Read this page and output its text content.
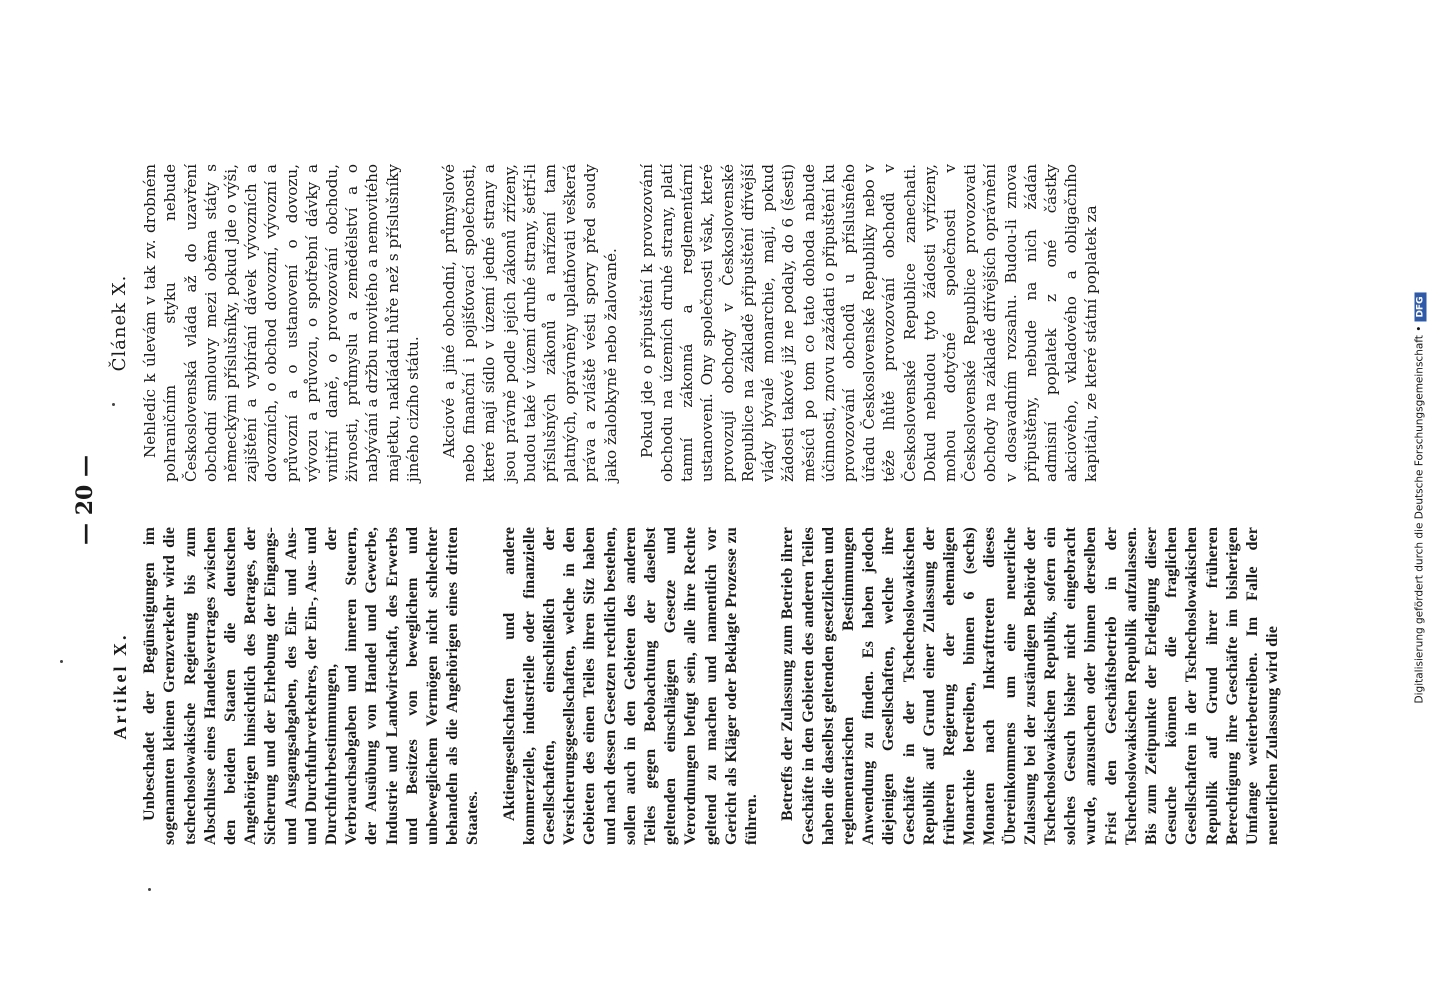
— 20 —
Artikel X. Unbeschadet der Begünstigungen im sogenannten kleinen Grenzverkehr wird die tschechoslowakische Regierung bis zum Abschlusse eines Handelsvertrages zwischen den beiden Staaten die deutschen Angehörigen hinsichtlich des Betrages, der Sicherung und der Erhebung der Eingangs- und Ausgangsabgaben, des Ein- und Aus- und Durchfuhrverkehres, der Ein-, Aus- und Durchfuhrbestimmungen, der Verbrauchsabgaben und inneren Steuern, der Ausübung von Handel und Gewerbe, Industrie und Landwirtschaft, des Erwerbs und Besitzes von beweglichem und unbeweglichem Vermögen nicht schlechter behandeln als die Angehörigen eines dritten Staates. Aktiengesellschaften und andere kommerzielle, industrielle oder finanzielle Gesellschaften, einschließlich der Versicherungsgesellschaften, welche in den Gebieten des einen Teiles ihren Sitz haben und nach dessen Gesetzen rechtlich bestehen, sollen auch in den Gebieten des anderen Teiles gegen Beobachtung der daselbst geltenden einschlägigen Gesetze und Verordnungen befugt sein, alle ihre Rechte geltend zu machen und namentlich vor Gericht als Kläger oder Beklagte Prozesse zu führen. Betreffs der Zulassung zum Betrieb ihrer Geschäfte in den Gebieten des anderen Teiles haben die daselbst geltenden gesetzlichen und reglementarischen Bestimmungen Anwendung zu finden. Es haben jedoch diejenigen Gesellschaften, welche ihre Geschäfte in der Tschechoslowakischen Republik auf Grund einer Zulassung der früheren Regierung der ehemaligen Monarchie betreiben, binnen 6 (sechs) Monaten nach Inkrafttreten dieses Übereinkommens um eine neuerliche Zulassung bei der zuständigen Behörde der Tschechoslowakischen Republik, sofern ein solches Gesuch bisher nicht eingebracht wurde, anzusuchen oder binnen derselben Frist den Geschäftsbetrieb in der Tschechoslowakischen Republik aufzulassen. Bis zum Zeitpunkte der Erledigung dieser Gesuche können die fraglichen Gesellschaften in der Tschechoslowakischen Republik auf Grund ihrer früheren Berechtigung ihre Geschäfte im bisherigen Umfange weiterbetreiben. Im Falle der neuerlichen Zulassung wird die

Článek X. Nehledíc k úlevám v tak zv. drobném pohraničním styku nebude Československá vláda až do uzavření obchodní smlouvy mezi oběma státy s německými příslušníky, pokud jde o výši, zajištění a vybírání dávek vývozních a dovozních, o obchod dovozní, vývozní a průvozní a o ustanovení o dovozu, vývozu a průvozu, o spotřební dávky a vnitřní daně, o provozování obchodu, živnosti, průmyslu a zemědělství a o nabývání a držbu movitého a nemovitého majetku, nakládati hůře než s příslušníky jiného cizího státu. Akciové a jiné obchodní, průmyslové nebo finanční i pojišťovací společnosti, které mají sídlo v území jedné strany a jsou právně podle jejích zákonů zřízeny, budou také v území druhé strany, šetří-li příslušných zákonů a nařízení tam platných, oprávněny uplatňovati veškerá práva a zvláště vésti spory před soudy jako žalobkyně nebo žalované. Pokud jde o připuštění k provozování obchodu na územích druhé strany, platí tamní zákonná a reglementární ustanovení. Ony společnosti však, které provozují obchody v Československé Republice na základě připuštění dřívější vlády bývalé monarchie, mají, pokud žádosti takové již ne podaly, do 6 (šesti) měsíců po tom co tato dohoda nabude účinnosti, znovu zažádati o připuštění ku provozování obchodů u příslušného úřadu Československé Republiky nebo v téže lhůtě provozování obchodů v Československé Republice zanechati. Dokud nebudou tyto žádosti vyřízeny, mohou dotyčné společnosti v Československé Republice provozovati obchody na základě dřívějších oprávnění v dosavadním rozsahu. Budou-li znova připuštěny, nebude na nich žádán admisní poplatek z oné částky akciového, vkladového a obligačního kapitálu, ze které státní poplatek za	Digitalisierung gefördert durch die Deutsche Forschungsgemeinschaft •DFG
